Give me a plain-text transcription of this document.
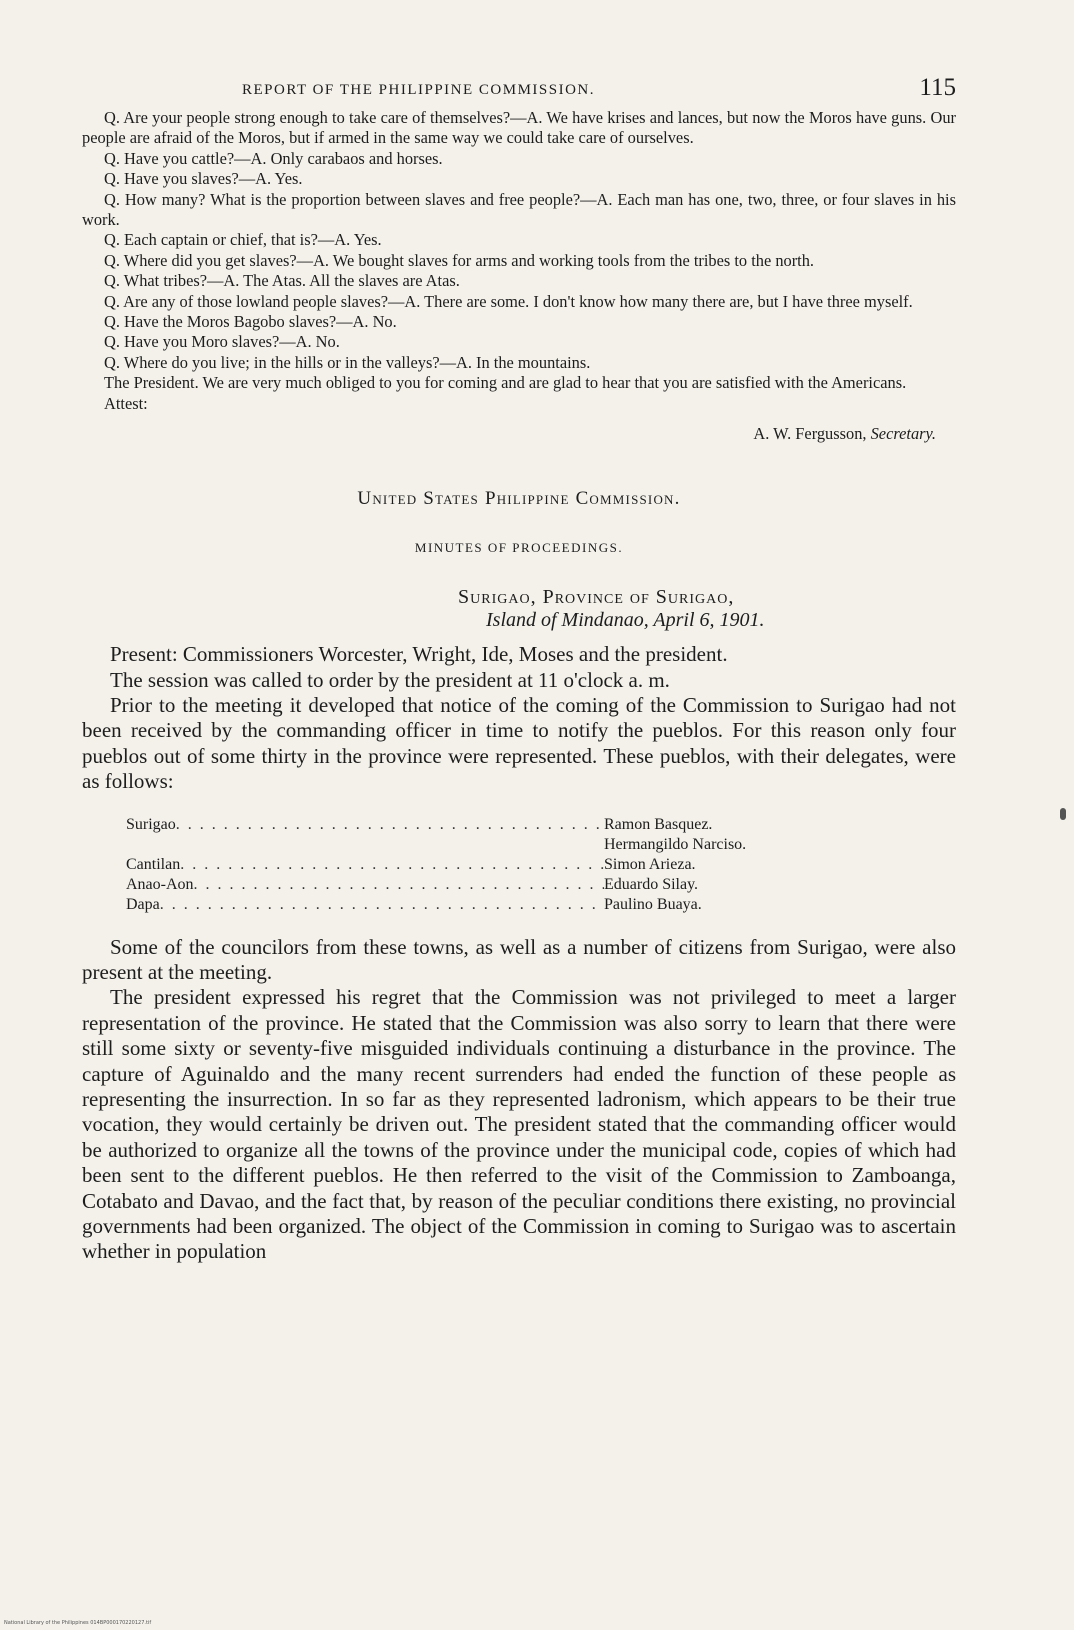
REPORT OF THE PHILIPPINE COMMISSION.	115

Q. Are your people strong enough to take care of themselves?—A. We have krises and lances, but now the Moros have guns. Our people are afraid of the Moros, but if armed in the same way we could take care of ourselves.

Q. Have you cattle?—A. Only carabaos and horses.

Q. Have you slaves?—A. Yes.

Q. How many? What is the proportion between slaves and free people?—A. Each man has one, two, three, or four slaves in his work.

Q. Each captain or chief, that is?—A. Yes.

Q. Where did you get slaves?—A. We bought slaves for arms and working tools from the tribes to the north.

Q. What tribes?—A. The Atas. All the slaves are Atas.

Q. Are any of those lowland people slaves?—A. There are some. I don't know how many there are, but I have three myself.

Q. Have the Moros Bagobo slaves?—A. No.

Q. Have you Moro slaves?—A. No.

Q. Where do you live; in the hills or in the valleys?—A. In the mountains.

The President. We are very much obliged to you for coming and are glad to hear that you are satisfied with the Americans.

Attest:

A. W. Fergusson, Secretary.
United States Philippine Commission.
MINUTES OF PROCEEDINGS.
Surigao, Province of Surigao,
Island of Mindanao, April 6, 1901.

Present: Commissioners Worcester, Wright, Ide, Moses and the president.

The session was called to order by the president at 11 o'clock a. m.

Prior to the meeting it developed that notice of the coming of the Commission to Surigao had not been received by the commanding officer in time to notify the pueblos. For this reason only four pueblos out of some thirty in the province were represented. These pueblos, with their delegates, were as follows:

Surigao . . .	Ramon Basquez.
Hermangildo Narciso.
Cantilan . . .	Simon Arieza.
Anao-Aon . . .	Eduardo Silay.
Dapa . . .	Paulino Buaya.

Some of the councilors from these towns, as well as a number of citizens from Surigao, were also present at the meeting.

The president expressed his regret that the Commission was not privileged to meet a larger representation of the province. He stated that the Commission was also sorry to learn that there were still some sixty or seventy-five misguided individuals continuing a disturbance in the province. The capture of Aguinaldo and the many recent surrenders had ended the function of these people as representing the insurrection. In so far as they represented ladronism, which appears to be their true vocation, they would certainly be driven out. The president stated that the commanding officer would be authorized to organize all the towns of the province under the municipal code, copies of which had been sent to the different pueblos. He then referred to the visit of the Commission to Zamboanga, Cotabato and Davao, and the fact that, by reason of the peculiar conditions there existing, no provincial governments had been organized. The object of the Commission in coming to Surigao was to ascertain whether in population

National Library of the Philippines 014BP000170220127.tif
